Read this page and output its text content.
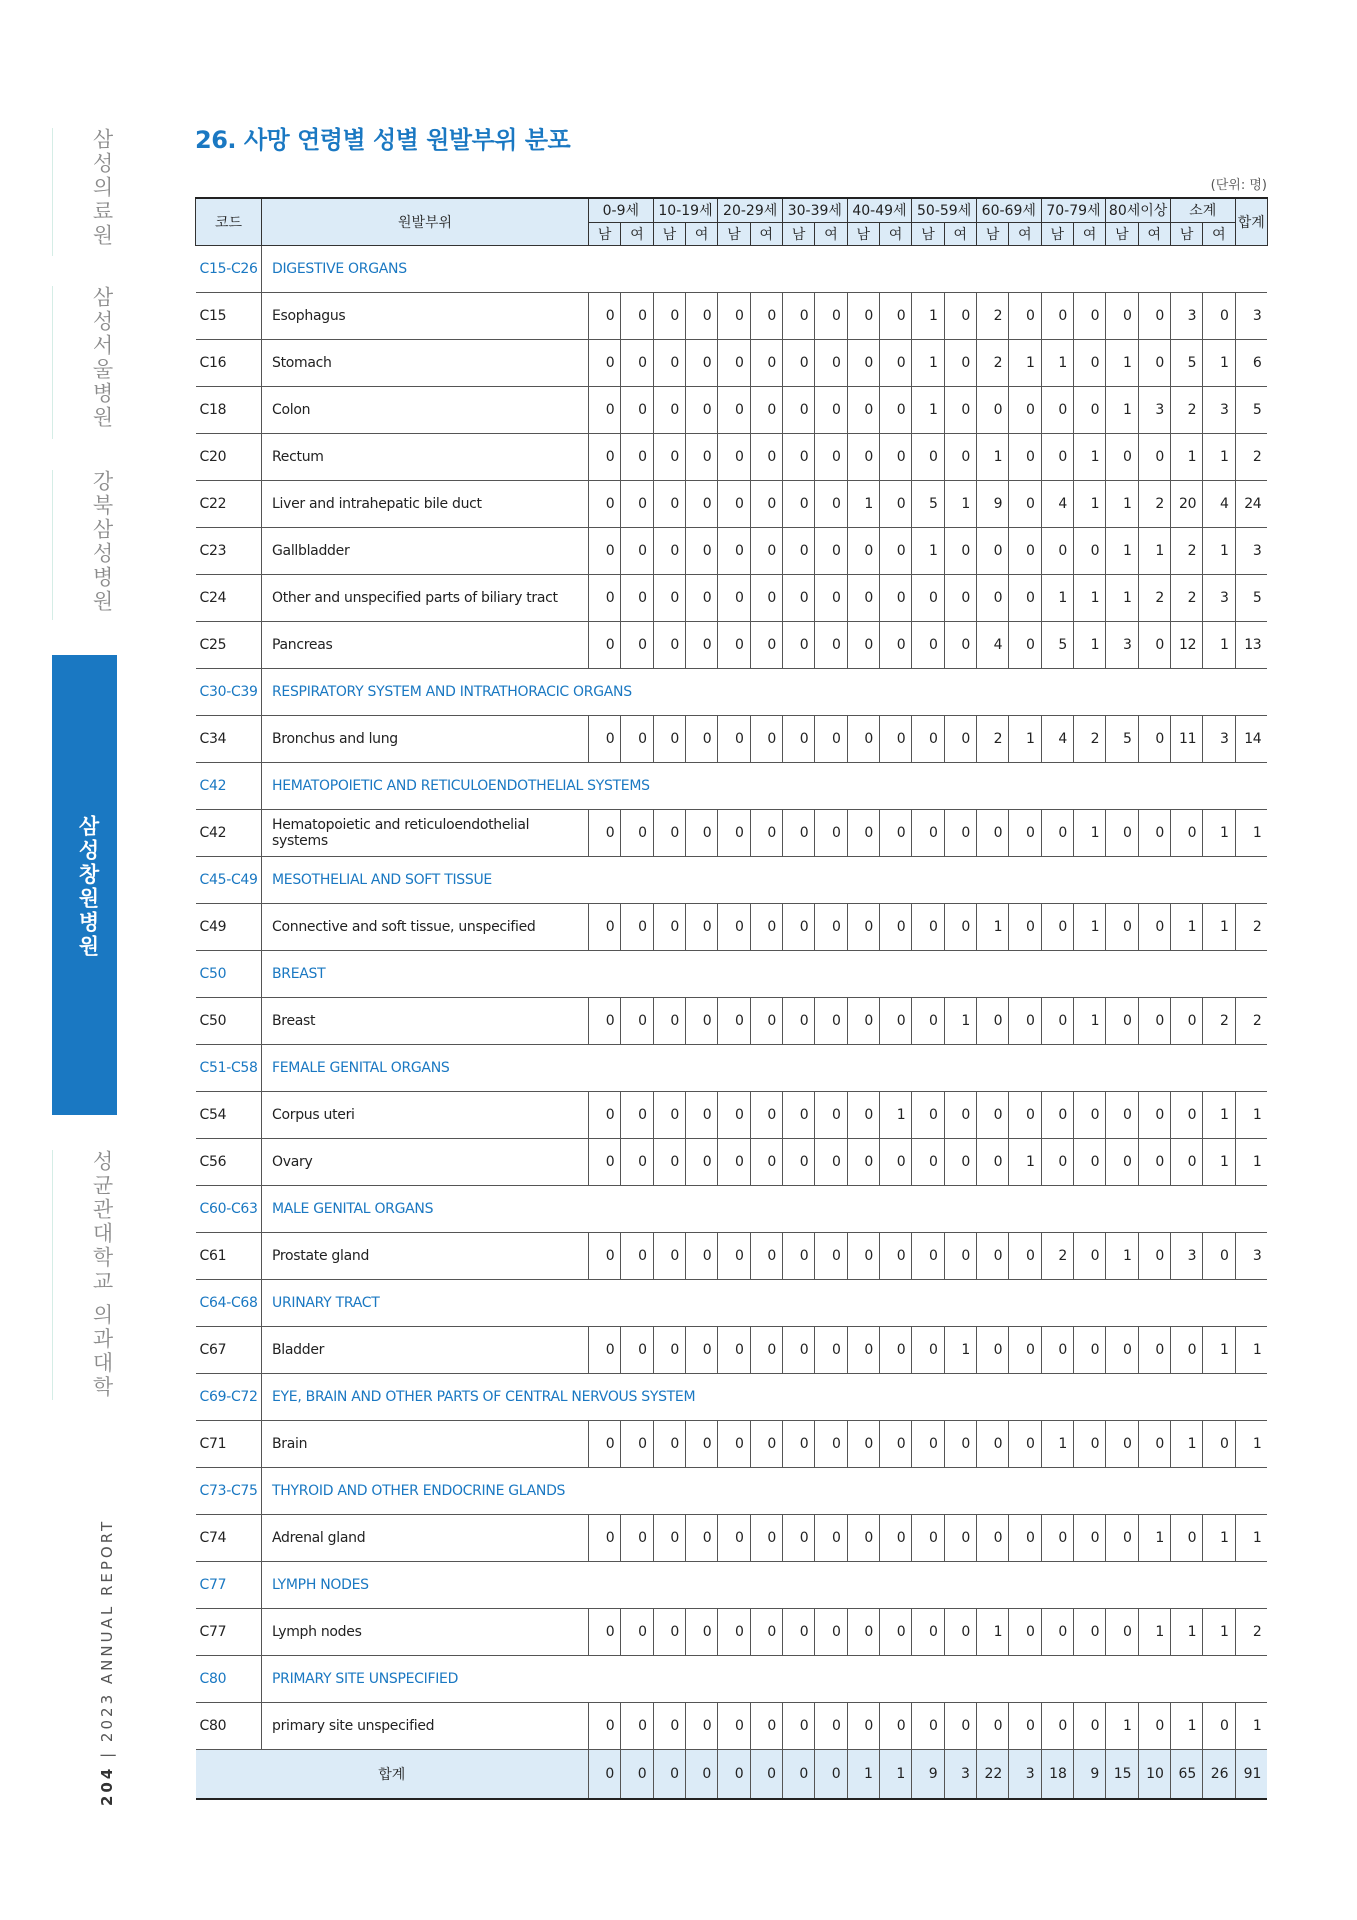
삼성의료원
삼성서울병원
강북삼성병원
삼성창원병원
성균관대학교 의과대학
204 | 2023 ANNUAL REPORT
26. 사망 연령별 성별 원발부위 분포
(단위: 명)
코드	원발부위	0-9세		10-19세		20-29세		30-39세		40-49세		50-59세		60-69세		70-79세		80세이상		소계		합계
		남	여	남	여	남	여	남	여	남	여	남	여	남	여	남	여	남	여	남	여	
C15-C26	DIGESTIVE ORGANS																					
C15	Esophagus	0	0	0	0	0	0	0	0	0	0	1	0	2	0	0	0	0	0	3	0	3
C16	Stomach	0	0	0	0	0	0	0	0	0	0	1	0	2	1	1	0	1	0	5	1	6
C18	Colon	0	0	0	0	0	0	0	0	0	0	1	0	0	0	0	0	1	3	2	3	5
C20	Rectum	0	0	0	0	0	0	0	0	0	0	0	0	1	0	0	1	0	0	1	1	2
C22	Liver and intrahepatic bile duct	0	0	0	0	0	0	0	0	1	0	5	1	9	0	4	1	1	2	20	4	24
C23	Gallbladder	0	0	0	0	0	0	0	0	0	0	1	0	0	0	0	0	1	1	2	1	3
C24	Other and unspecified parts of biliary tract	0	0	0	0	0	0	0	0	0	0	0	0	0	0	1	1	1	2	2	3	5
C25	Pancreas	0	0	0	0	0	0	0	0	0	0	0	0	4	0	5	1	3	0	12	1	13
C30-C39	RESPIRATORY SYSTEM AND INTRATHORACIC ORGANS																					
C34	Bronchus and lung	0	0	0	0	0	0	0	0	0	0	0	0	2	1	4	2	5	0	11	3	14
C42	HEMATOPOIETIC AND RETICULOENDOTHELIAL SYSTEMS																					
C42	Hematopoietic and reticuloendothelial systems	0	0	0	0	0	0	0	0	0	0	0	0	0	0	0	1	0	0	0	1	1
C45-C49	MESOTHELIAL AND SOFT TISSUE																					
C49	Connective and soft tissue, unspecified	0	0	0	0	0	0	0	0	0	0	0	0	1	0	0	1	0	0	1	1	2
C50	BREAST																					
C50	Breast	0	0	0	0	0	0	0	0	0	0	0	1	0	0	0	1	0	0	0	2	2
C51-C58	FEMALE GENITAL ORGANS																					
C54	Corpus uteri	0	0	0	0	0	0	0	0	0	1	0	0	0	0	0	0	0	0	0	1	1
C56	Ovary	0	0	0	0	0	0	0	0	0	0	0	0	0	1	0	0	0	0	0	1	1
C60-C63	MALE GENITAL ORGANS																					
C61	Prostate gland	0	0	0	0	0	0	0	0	0	0	0	0	0	0	2	0	1	0	3	0	3
C64-C68	URINARY TRACT																					
C67	Bladder	0	0	0	0	0	0	0	0	0	0	0	1	0	0	0	0	0	0	0	1	1
C69-C72	EYE, BRAIN AND OTHER PARTS OF CENTRAL NERVOUS SYSTEM																					
C71	Brain	0	0	0	0	0	0	0	0	0	0	0	0	0	0	1	0	0	0	1	0	1
C73-C75	THYROID AND OTHER ENDOCRINE GLANDS																					
C74	Adrenal gland	0	0	0	0	0	0	0	0	0	0	0	0	0	0	0	0	0	1	0	1	1
C77	LYMPH NODES																					
C77	Lymph nodes	0	0	0	0	0	0	0	0	0	0	0	0	1	0	0	0	0	1	1	1	2
C80	PRIMARY SITE UNSPECIFIED																					
C80	primary site unspecified	0	0	0	0	0	0	0	0	0	0	0	0	0	0	0	0	1	0	1	0	1
합계		0	0	0	0	0	0	0	0	1	1	9	3	22	3	18	9	15	10	65	26	91
